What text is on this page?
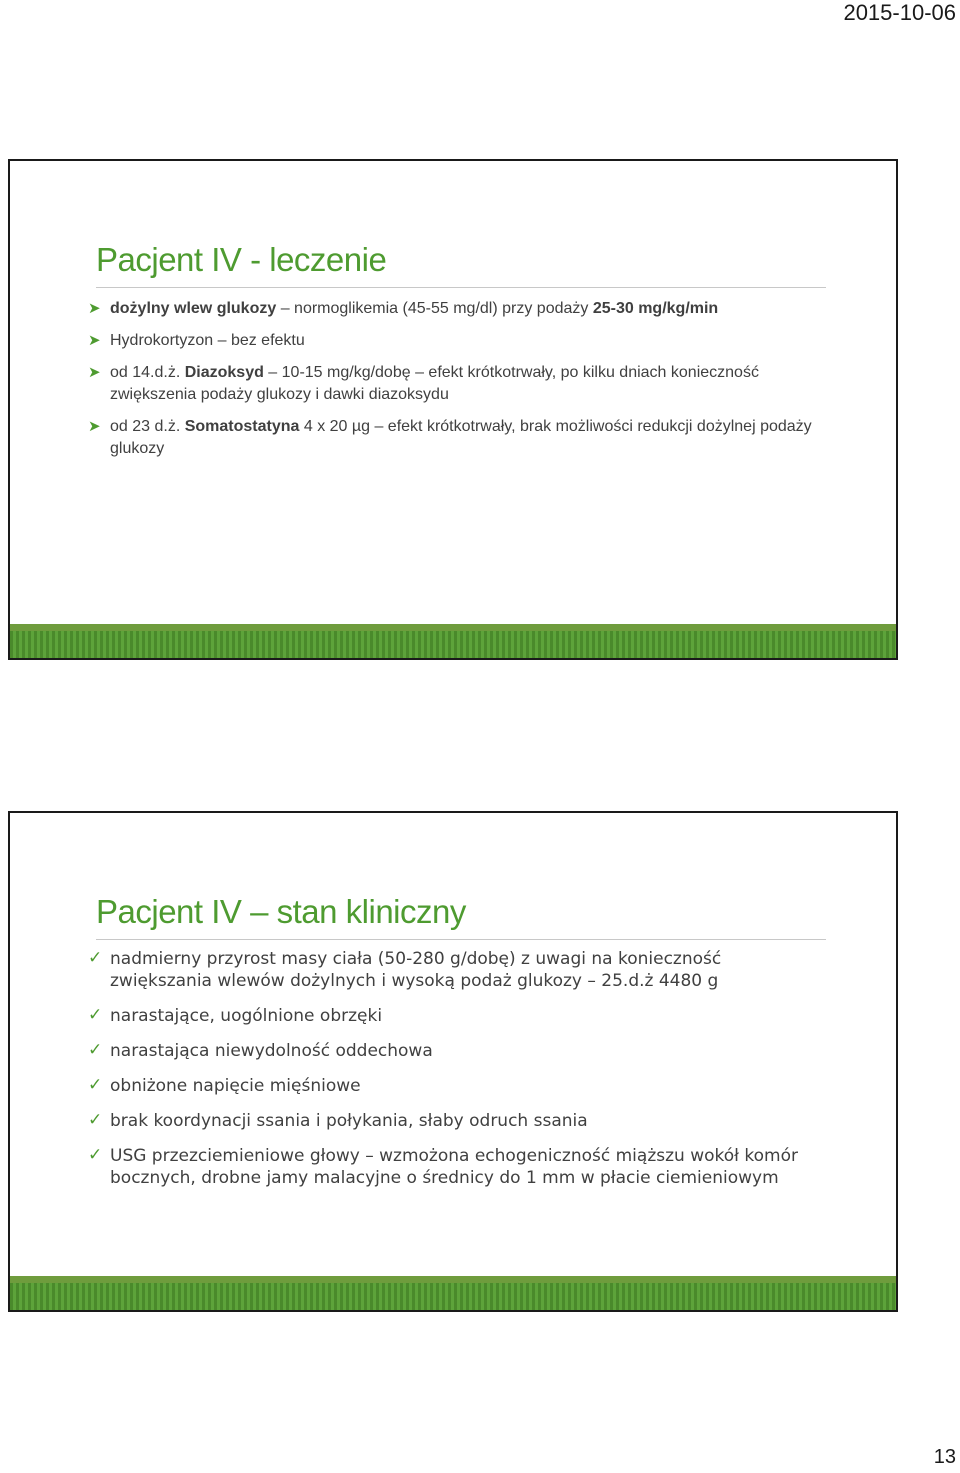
2015-10-06
Pacjent IV - leczenie
➤ dożylny wlew glukozy – normoglikemia (45-55 mg/dl) przy podaży 25-30 mg/kg/min
➤ Hydrokortyzon – bez efektu
➤ od 14.d.ż. Diazoksyd – 10-15 mg/kg/dobę – efekt krótkotrwały, po kilku dniach konieczność zwiększenia podaży glukozy i dawki diazoksydu
➤ od 23 d.ż. Somatostatyna 4 x 20 µg – efekt krótkotrwały, brak możliwości redukcji dożylnej podaży glukozy
Pacjent IV – stan kliniczny
✓ nadmierny przyrost masy ciała (50-280 g/dobę) z uwagi na konieczność zwiększania wlewów dożylnych i wysoką podaż glukozy – 25.d.ż 4480 g
✓ narastające, uogólnione obrzęki
✓ narastająca niewydolność oddechowa
✓ obniżone napięcie mięśniowe
✓ brak koordynacji ssania i połykania, słaby odruch ssania
✓ USG przezciemieniowe głowy – wzmożona echogeniczność miąższu wokół komór bocznych, drobne jamy malacyjne o średnicy do 1 mm w płacie ciemieniowym
13
